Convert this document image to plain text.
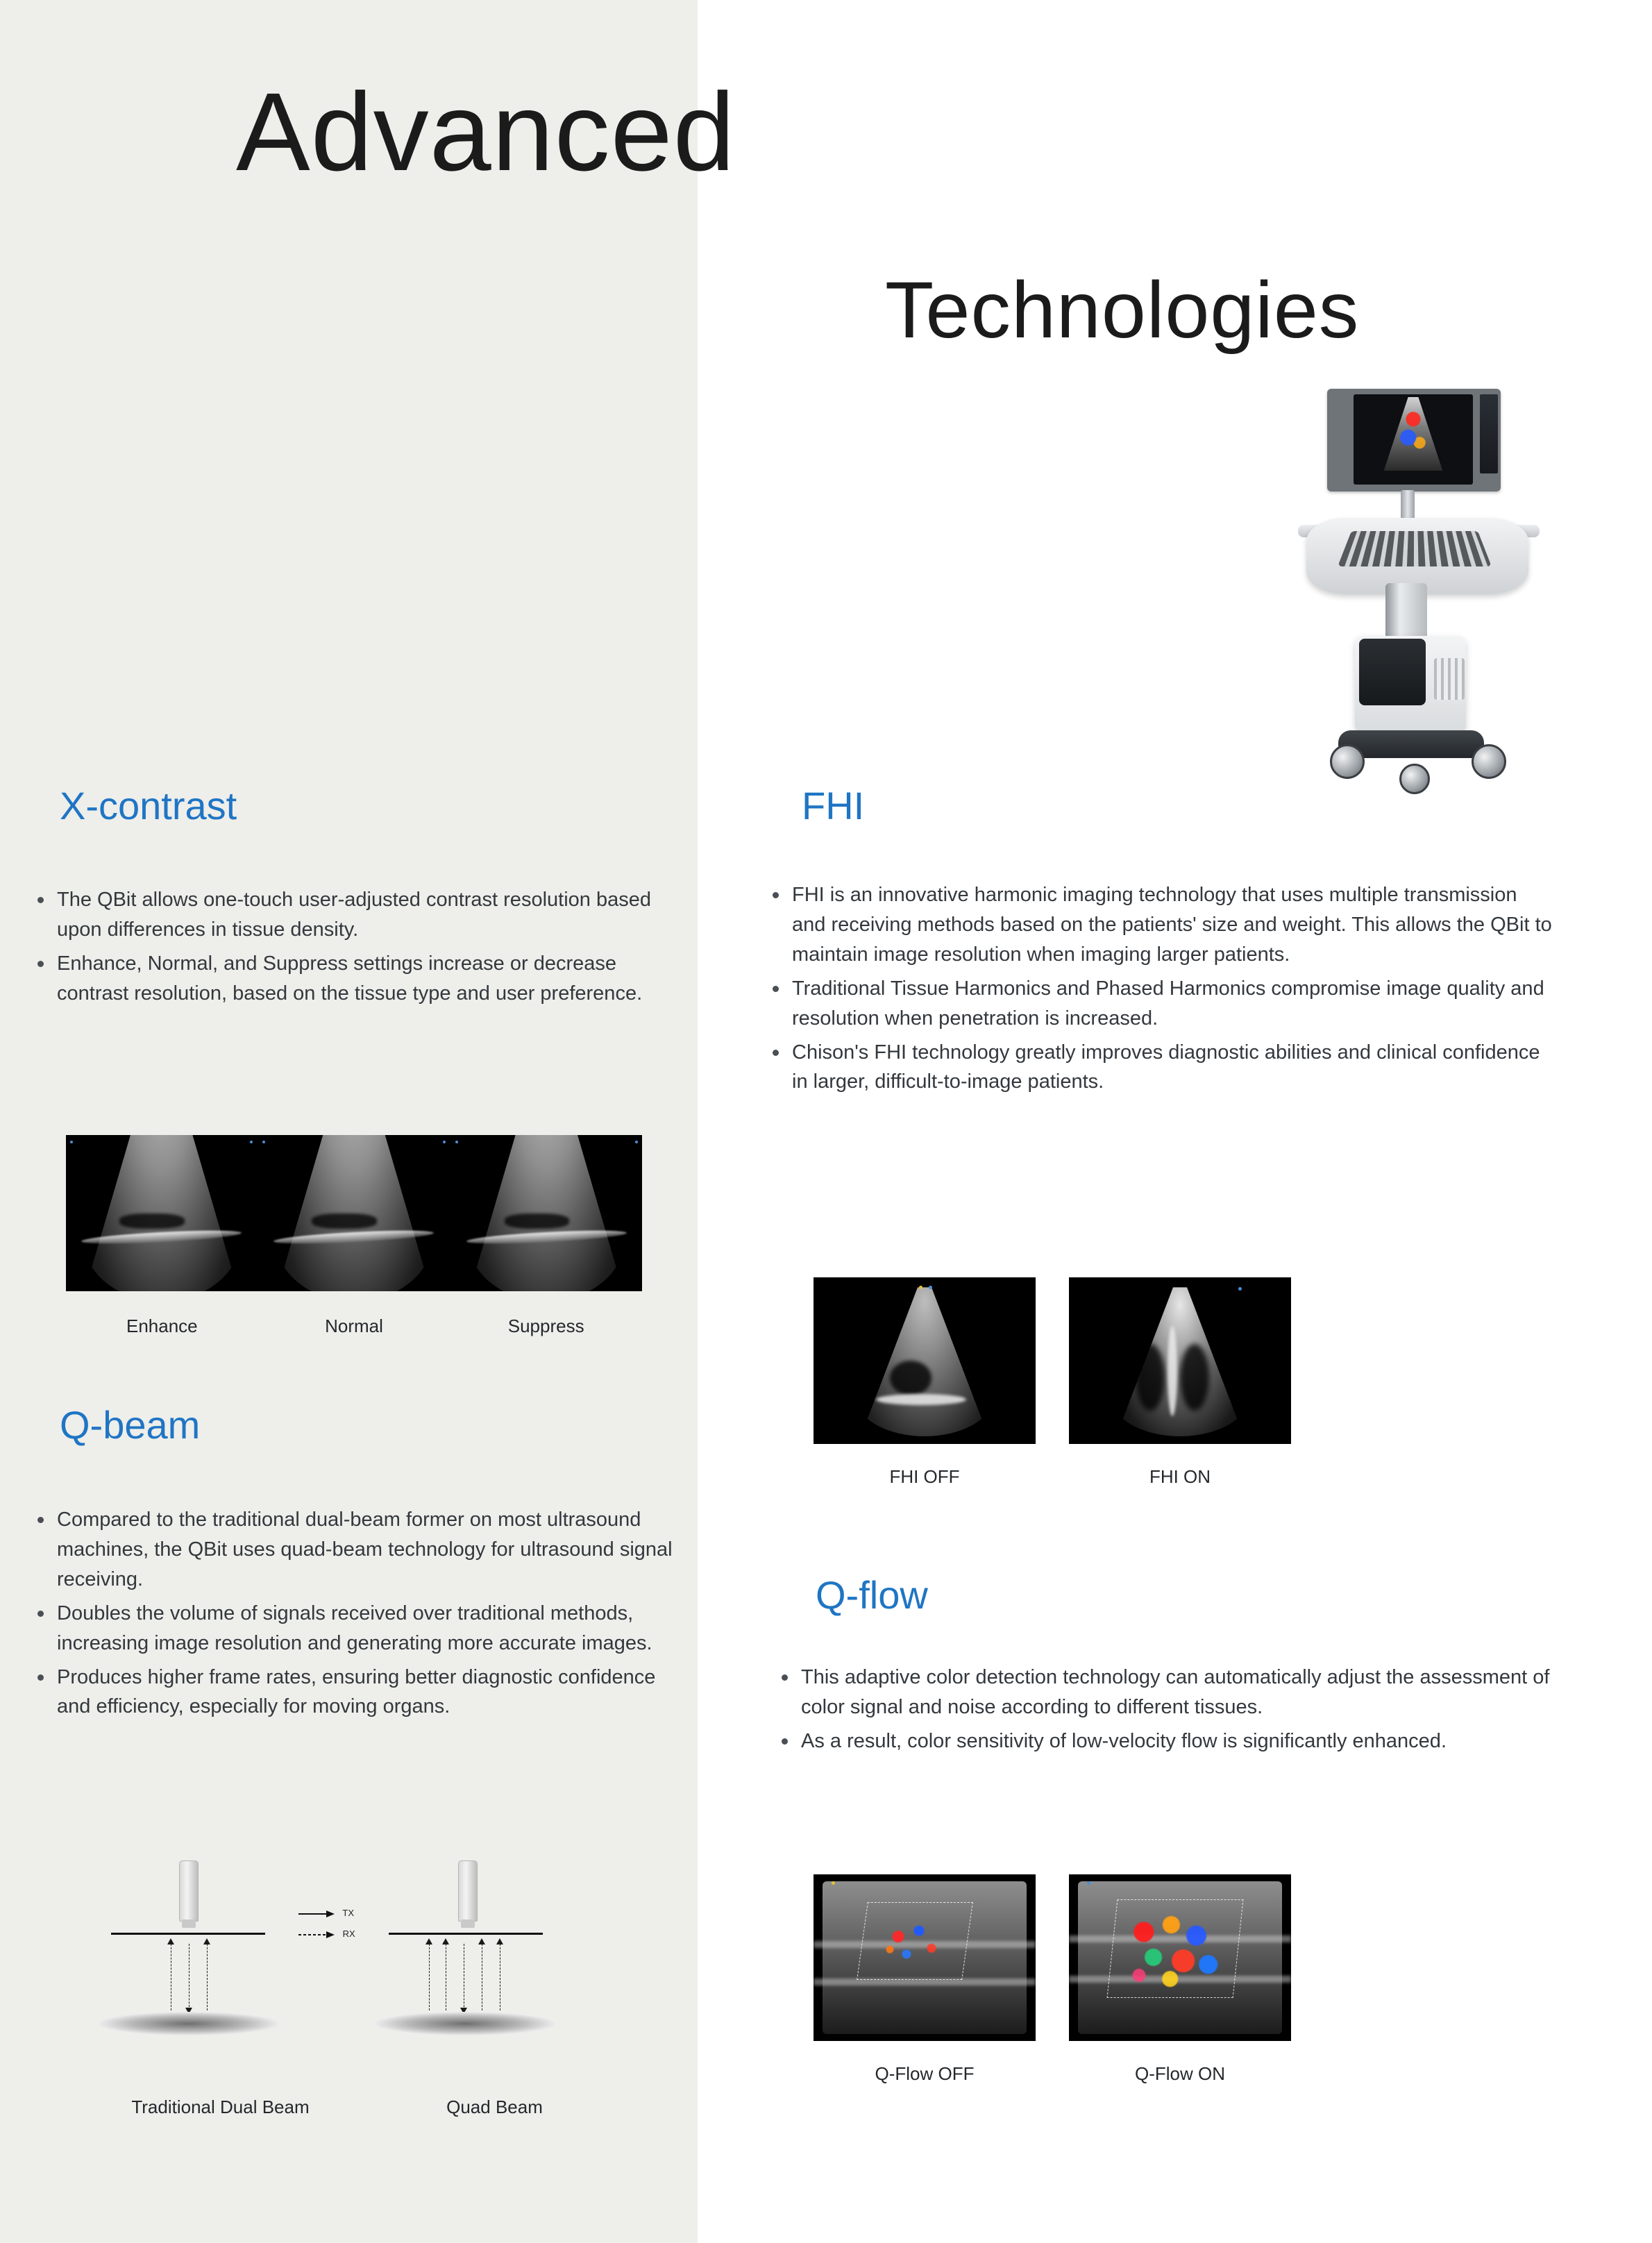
Advanced
Technologies
X-contrast
The QBit allows one-touch user-adjusted contrast resolution based upon differences in tissue density.
Enhance, Normal, and Suppress settings increase or decrease contrast resolution, based on the tissue type and user preference.
Enhance	Normal	Suppress
Q-beam
Compared to the traditional dual-beam former on most ultrasound machines, the QBit uses quad-beam technology for ultrasound signal receiving.
Doubles the volume of signals received over traditional methods, increasing image resolution and generating more accurate images.
Produces higher frame rates, ensuring better diagnostic confidence and efficiency, especially for moving organs.
TX
RX
Traditional Dual Beam	Quad Beam
FHI
FHI is an innovative harmonic imaging technology that uses multiple transmission and receiving methods based on the patients' size and weight. This allows the QBit to maintain image resolution when imaging larger patients.
Traditional Tissue Harmonics and Phased Harmonics compromise image quality and resolution when penetration is increased.
Chison's FHI technology greatly improves diagnostic abilities and clinical confidence in larger, difficult-to-image patients.
FHI OFF	FHI ON
Q-flow
This adaptive color detection technology can automatically adjust the assessment of color signal and noise according to different tissues.
As a result, color sensitivity of low-velocity flow is significantly enhanced.
Q-Flow OFF	Q-Flow ON
